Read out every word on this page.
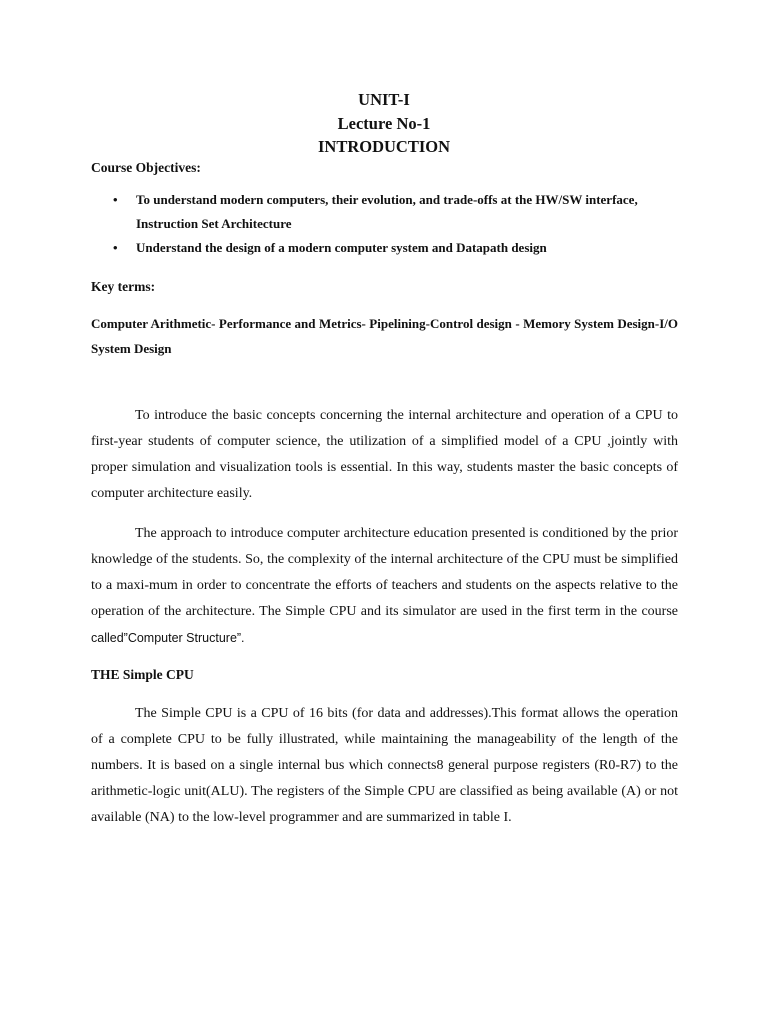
UNIT-I
Lecture No-1
INTRODUCTION
Course Objectives:
• To understand modern computers, their evolution, and trade-offs at the HW/SW interface, Instruction Set Architecture
• Understand the design of a modern computer system and Datapath design
Key terms:
Computer Arithmetic- Performance and Metrics- Pipelining-Control design - Memory System Design-I/O System Design

To introduce the basic concepts concerning the internal architecture and operation of a CPU to first-year students of computer science, the utilization of a simplified model of a CPU ,jointly with proper simulation and visualization tools is essential. In this way, students master the basic concepts of computer architecture easily.

The approach to introduce computer architecture education presented is conditioned by the prior knowledge of the students. So, the complexity of the internal architecture of the CPU must be simplified to a maxi-mum in order to concentrate the efforts of teachers and students on the aspects relative to the operation of the architecture. The Simple CPU and its simulator are used in the first term in the course called”Computer Structure”.

THE Simple CPU

The Simple CPU is a CPU of 16 bits (for data and addresses).This format allows the operation of a complete CPU to be fully illustrated, while maintaining the manageability of the length of the numbers. It is based on a single internal bus which connects8 general purpose registers (R0-R7) to the arithmetic-logic unit(ALU). The registers of the Simple CPU are classified as being available (A) or not available (NA) to the low-level programmer and are summarized in table I.
